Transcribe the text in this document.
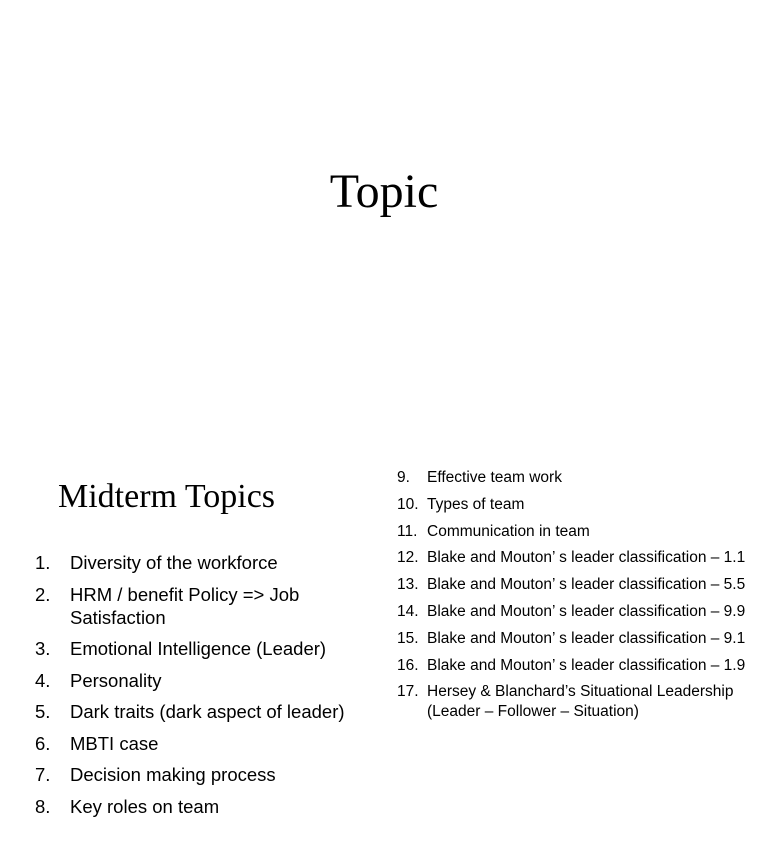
Topic
Midterm Topics
1. Diversity of the workforce
2. HRM / benefit Policy => Job Satisfaction
3. Emotional Intelligence (Leader)
4. Personality
5. Dark traits (dark aspect of leader)
6. MBTI case
7. Decision making process
8. Key roles on team
9. Effective team work
10. Types of team
11. Communication in team
12. Blake and Mouton’ s leader classification – 1.1
13. Blake and Mouton’ s leader classification – 5.5
14. Blake and Mouton’ s leader classification – 9.9
15. Blake and Mouton’ s leader classification – 9.1
16. Blake and Mouton’ s leader classification – 1.9
17. Hersey & Blanchard’s Situational Leadership (Leader – Follower – Situation)
